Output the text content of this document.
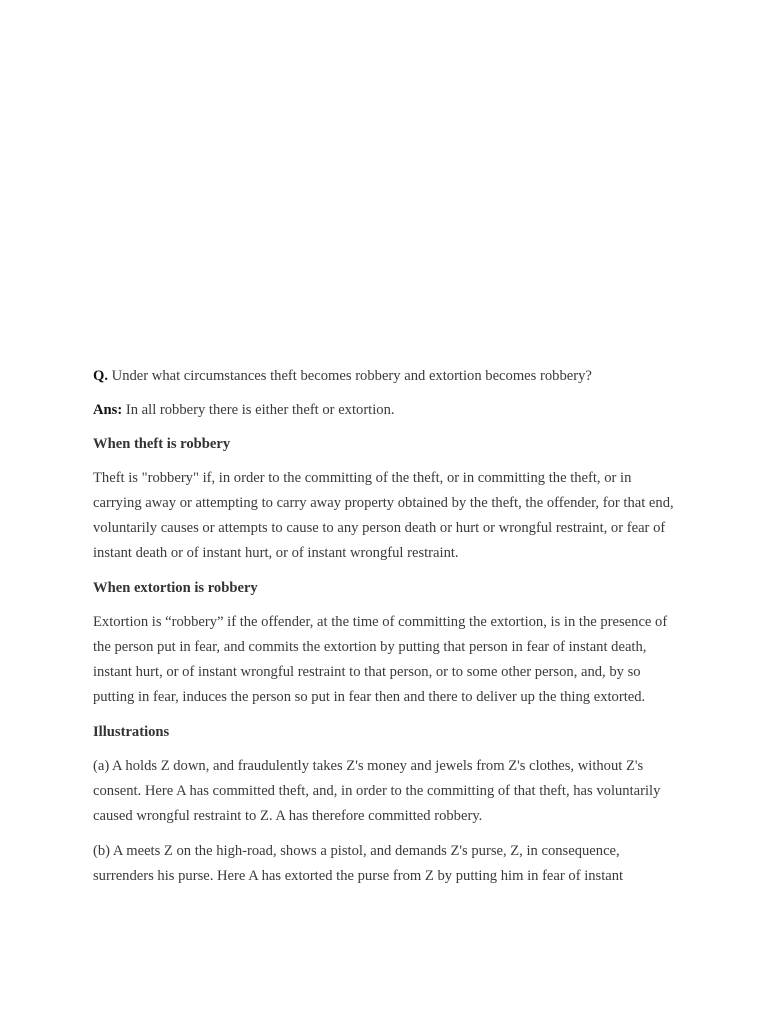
Q. Under what circumstances theft becomes robbery and extortion becomes robbery?

Ans: In all robbery there is either theft or extortion.

When theft is robbery

Theft is "robbery" if, in order to the committing of the theft, or in committing the theft, or in carrying away or attempting to carry away property obtained by the theft, the offender, for that end, voluntarily causes or attempts to cause to any person death or hurt or wrongful restraint, or fear of instant death or of instant hurt, or of instant wrongful restraint.

When extortion is robbery

Extortion is “robbery” if the offender, at the time of committing the extortion, is in the presence of the person put in fear, and commits the extortion by putting that person in fear of instant death, instant hurt, or of instant wrongful restraint to that person, or to some other person, and, by so putting in fear, induces the person so put in fear then and there to deliver up the thing extorted.

Illustrations

(a) A holds Z down, and fraudulently takes Z's money and jewels from Z's clothes, without Z's consent. Here A has committed theft, and, in order to the committing of that theft, has voluntarily caused wrongful restraint to Z. A has therefore committed robbery.

(b) A meets Z on the high-road, shows a pistol, and demands Z's purse, Z, in consequence, surrenders his purse. Here A has extorted the purse from Z by putting him in fear of instant
